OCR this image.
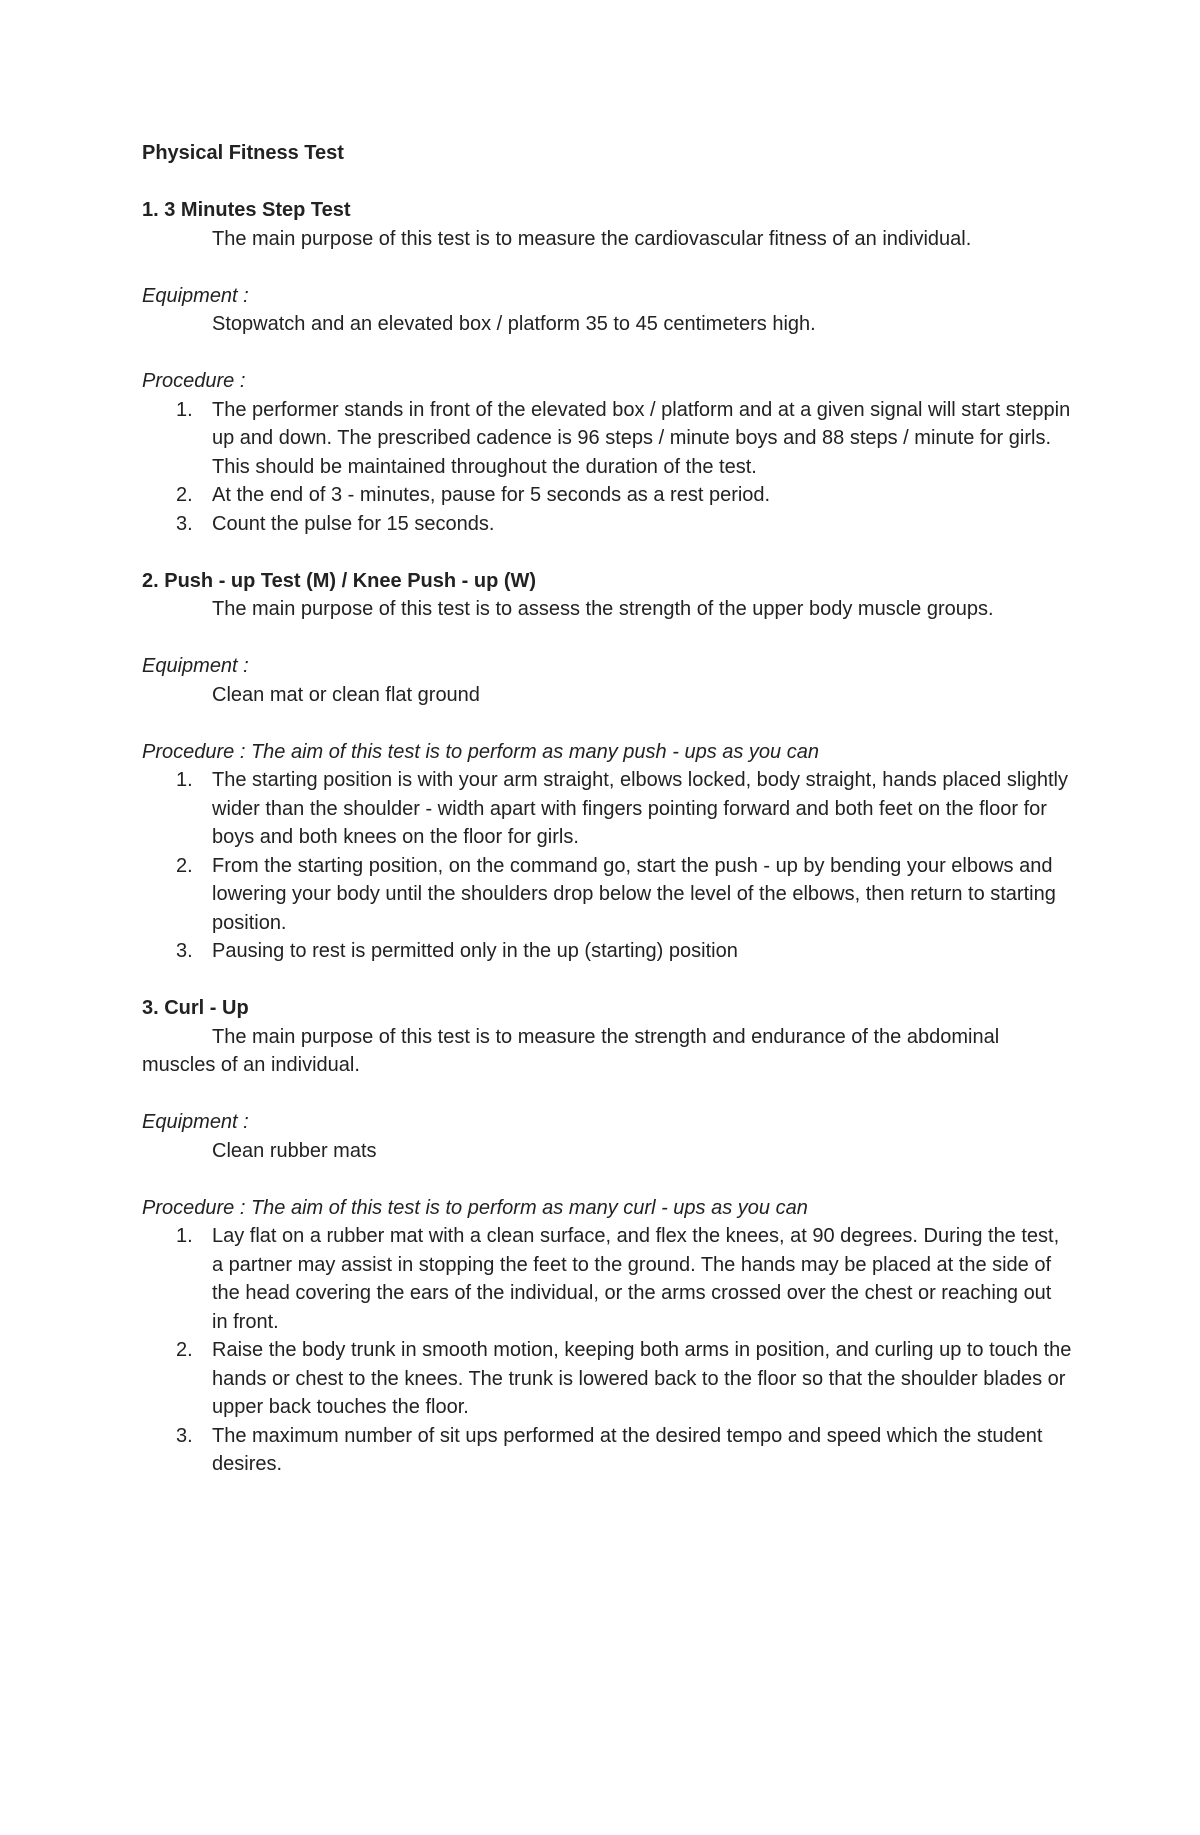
Physical Fitness Test

1. 3 Minutes Step Test

The main purpose of this test is to measure the cardiovascular fitness of an individual.

Equipment :

Stopwatch and an elevated box / platform 35 to 45 centimeters high.

Procedure :

1. The performer stands in front of the elevated box / platform and at a given signal will start steppin up and down. The prescribed cadence is 96 steps / minute boys and 88 steps / minute for girls. This should be maintained throughout the duration of the test.
2. At the end of 3 - minutes, pause for 5 seconds as a rest period.
3. Count the pulse for 15 seconds.

2. Push - up Test (M) / Knee Push - up (W)

The main purpose of this test is to assess the strength of the upper body muscle groups.

Equipment :

Clean mat or clean flat ground

Procedure : The aim of this test is to perform as many push - ups as you can

1. The starting position is with your arm straight, elbows locked, body straight, hands placed slightly wider than the shoulder - width apart with fingers pointing forward and both feet on the floor for boys and both knees on the floor for girls.
2. From the starting position, on the command go, start the push - up by bending your elbows and lowering your body until the shoulders drop below the level of the elbows, then return to starting position.
3. Pausing to rest is permitted only in the up (starting) position

3. Curl - Up

The main purpose of this test is to measure the strength and endurance of the abdominal muscles of an individual.

Equipment :

Clean rubber mats

Procedure : The aim of this test is to perform as many curl - ups as you can

1. Lay flat on a rubber mat with a clean surface, and flex the knees, at 90 degrees. During the test, a partner may assist in stopping the feet to the ground. The hands may be placed at the side of the head covering the ears of the individual, or the arms crossed over the chest or reaching out in front.
2. Raise the body trunk in smooth motion, keeping both arms in position, and curling up to touch the hands or chest to the knees. The trunk is lowered back to the floor so that the shoulder blades or upper back touches the floor.
3. The maximum number of sit ups performed at the desired tempo and speed which the student desires.
